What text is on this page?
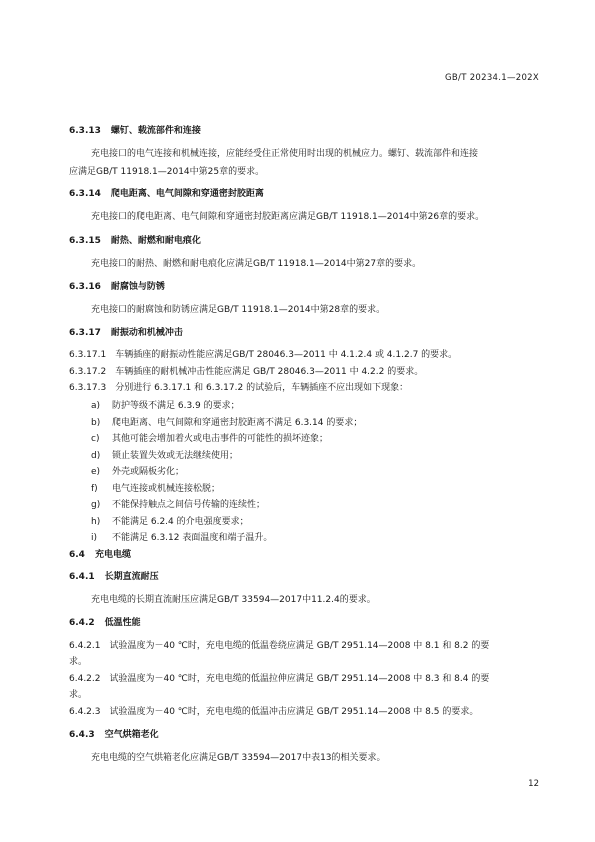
GB/T 20234.1—202X
6.3.13 螺钉、载流部件和连接
充电接口的电气连接和机械连接，应能经受住正常使用时出现的机械应力。螺钉、载流部件和连接
应满足GB/T 11918.1—2014中第25章的要求。
6.3.14 爬电距离、电气间隙和穿通密封胶距离
充电接口的爬电距离、电气间隙和穿通密封胶距离应满足GB/T 11918.1—2014中第26章的要求。
6.3.15 耐热、耐燃和耐电痕化
充电接口的耐热、耐燃和耐电痕化应满足GB/T 11918.1—2014中第27章的要求。
6.3.16 耐腐蚀与防锈
充电接口的耐腐蚀和防锈应满足GB/T 11918.1—2014中第28章的要求。
6.3.17 耐振动和机械冲击
6.3.17.1　车辆插座的耐振动性能应满足GB/T 28046.3—2011 中 4.1.2.4 或 4.1.2.7 的要求。
6.3.17.2　车辆插座的耐机械冲击性能应满足 GB/T 28046.3—2011 中 4.2.2 的要求。
6.3.17.3　分别进行 6.3.17.1 和 6.3.17.2 的试验后，车辆插座不应出现如下现象：
a) 防护等级不满足 6.3.9 的要求；
b) 爬电距离、电气间隙和穿通密封胶距离不满足 6.3.14 的要求；
c) 其他可能会增加着火或电击事件的可能性的损坏迹象；
d) 锁止装置失效或无法继续使用；
e) 外壳或隔板劣化；
f) 电气连接或机械连接松脱；
g) 不能保持触点之间信号传输的连续性；
h) 不能满足 6.2.4 的介电强度要求；
i) 不能满足 6.3.12 表面温度和端子温升。
6.4 充电电缆
6.4.1 长期直流耐压
充电电缆的长期直流耐压应满足GB/T 33594—2017中11.2.4的要求。
6.4.2 低温性能
6.4.2.1　试验温度为－40 ℃时，充电电缆的低温卷绕应满足 GB/T 2951.14—2008 中 8.1 和 8.2 的要
求。
6.4.2.2　试验温度为－40 ℃时，充电电缆的低温拉伸应满足 GB/T 2951.14—2008 中 8.3 和 8.4 的要
求。
6.4.2.3　试验温度为－40 ℃时，充电电缆的低温冲击应满足 GB/T 2951.14—2008 中 8.5 的要求。
6.4.3 空气烘箱老化
充电电缆的空气烘箱老化应满足GB/T 33594—2017中表13的相关要求。
12
